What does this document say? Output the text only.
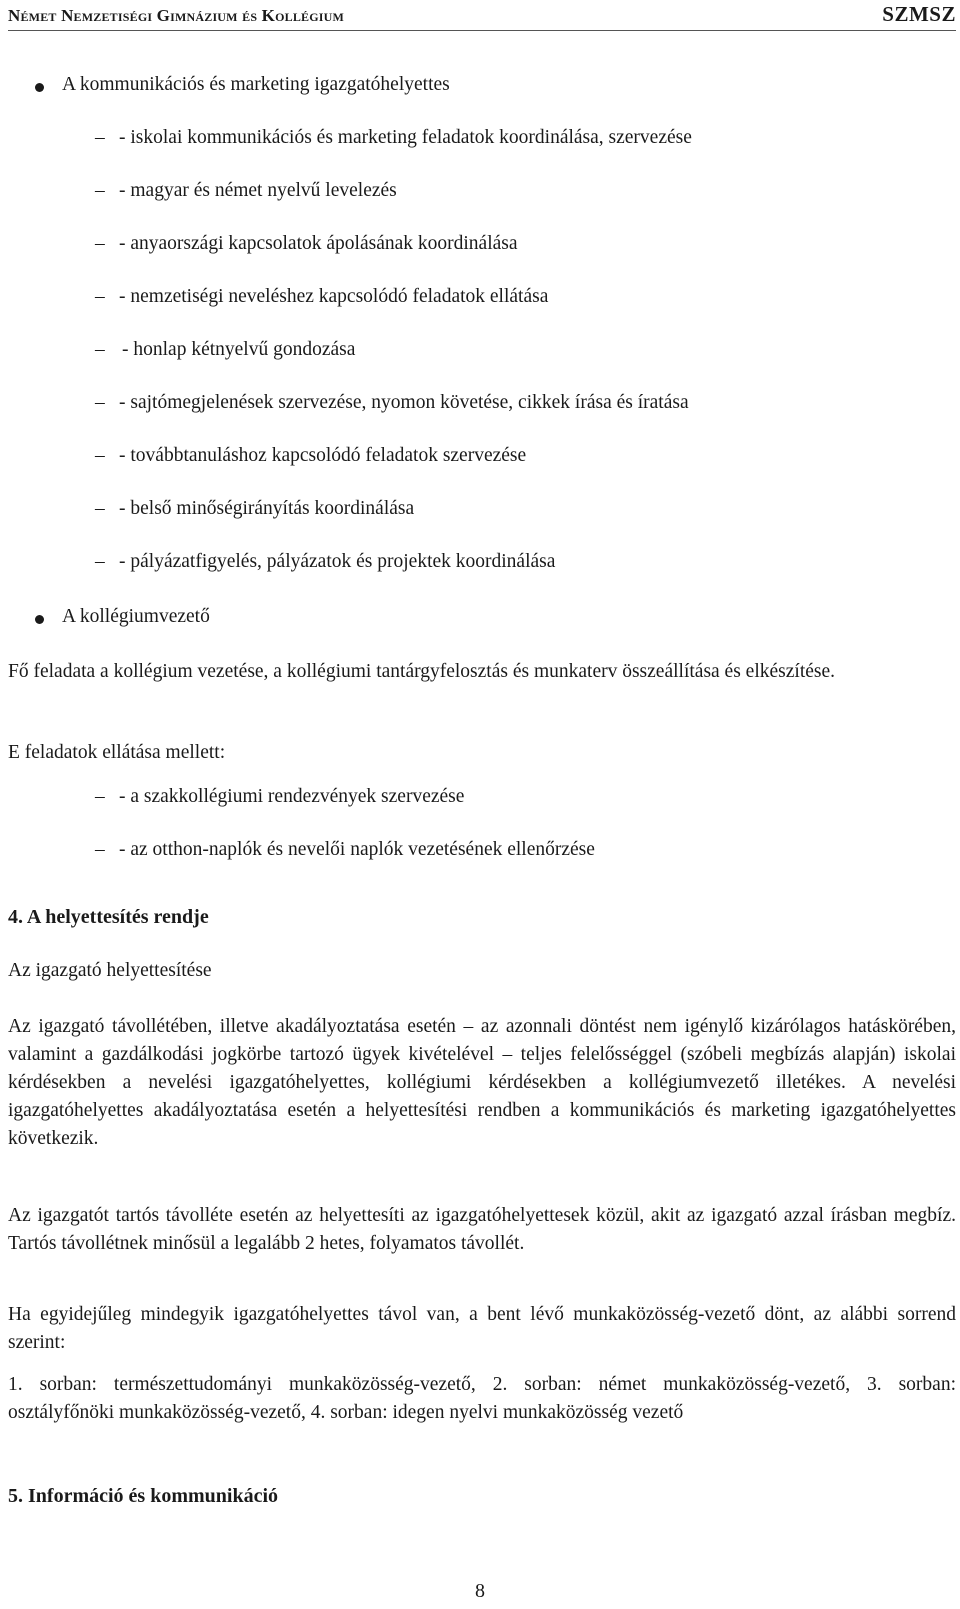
Német Nemzetiségi Gimnázium és Kollégium	SZMSZ
A kommunikációs és marketing igazgatóhelyettes
– - iskolai kommunikációs és marketing feladatok koordinálása, szervezése
– - magyar és német nyelvű levelezés
– - anyaországi kapcsolatok ápolásának koordinálása
– - nemzetiségi neveléshez kapcsolódó feladatok ellátása
– - honlap kétnyelvű gondozása
– - sajtómegjelenések szervezése, nyomon követése, cikkek írása és íratása
– - továbbtanuláshoz kapcsolódó feladatok szervezése
– - belső minőségirányítás koordinálása
– - pályázatfigyelés, pályázatok és projektek koordinálása
A kollégiumvezető
Fő feladata a kollégium vezetése, a kollégiumi tantárgyfelosztás és munkaterv összeállítása és elkészítése.
E feladatok ellátása mellett:
– - a szakkollégiumi rendezvények szervezése
– - az otthon-naplók és nevelői naplók vezetésének ellenőrzése
4. A helyettesítés rendje
Az igazgató helyettesítése
Az igazgató távollétében, illetve akadályoztatása esetén – az azonnali döntést nem igénylő kizárólagos hatáskörében, valamint a gazdálkodási jogkörbe tartozó ügyek kivételével – teljes felelősséggel (szóbeli megbízás alapján) iskolai kérdésekben a nevelési igazgatóhelyettes, kollégiumi kérdésekben a kollégiumvezető illetékes. A nevelési igazgatóhelyettes akadályoztatása esetén a helyettesítési rendben a kommunikációs és marketing igazgatóhelyettes következik.
Az igazgatót tartós távolléte esetén az helyettesíti az igazgatóhelyettesek közül, akit az igazgató azzal írásban megbíz. Tartós távollétnek minősül a legalább 2 hetes, folyamatos távollét.
Ha egyidejűleg mindegyik igazgatóhelyettes távol van, a bent lévő munkaközösség-vezető dönt, az alábbi sorrend szerint:
1. sorban: természettudományi munkaközösség-vezető, 2. sorban: német munkaközösség-vezető, 3. sorban: osztályfőnöki munkaközösség-vezető, 4. sorban: idegen nyelvi munkaközösség vezető
5. Információ és kommunikáció
8
